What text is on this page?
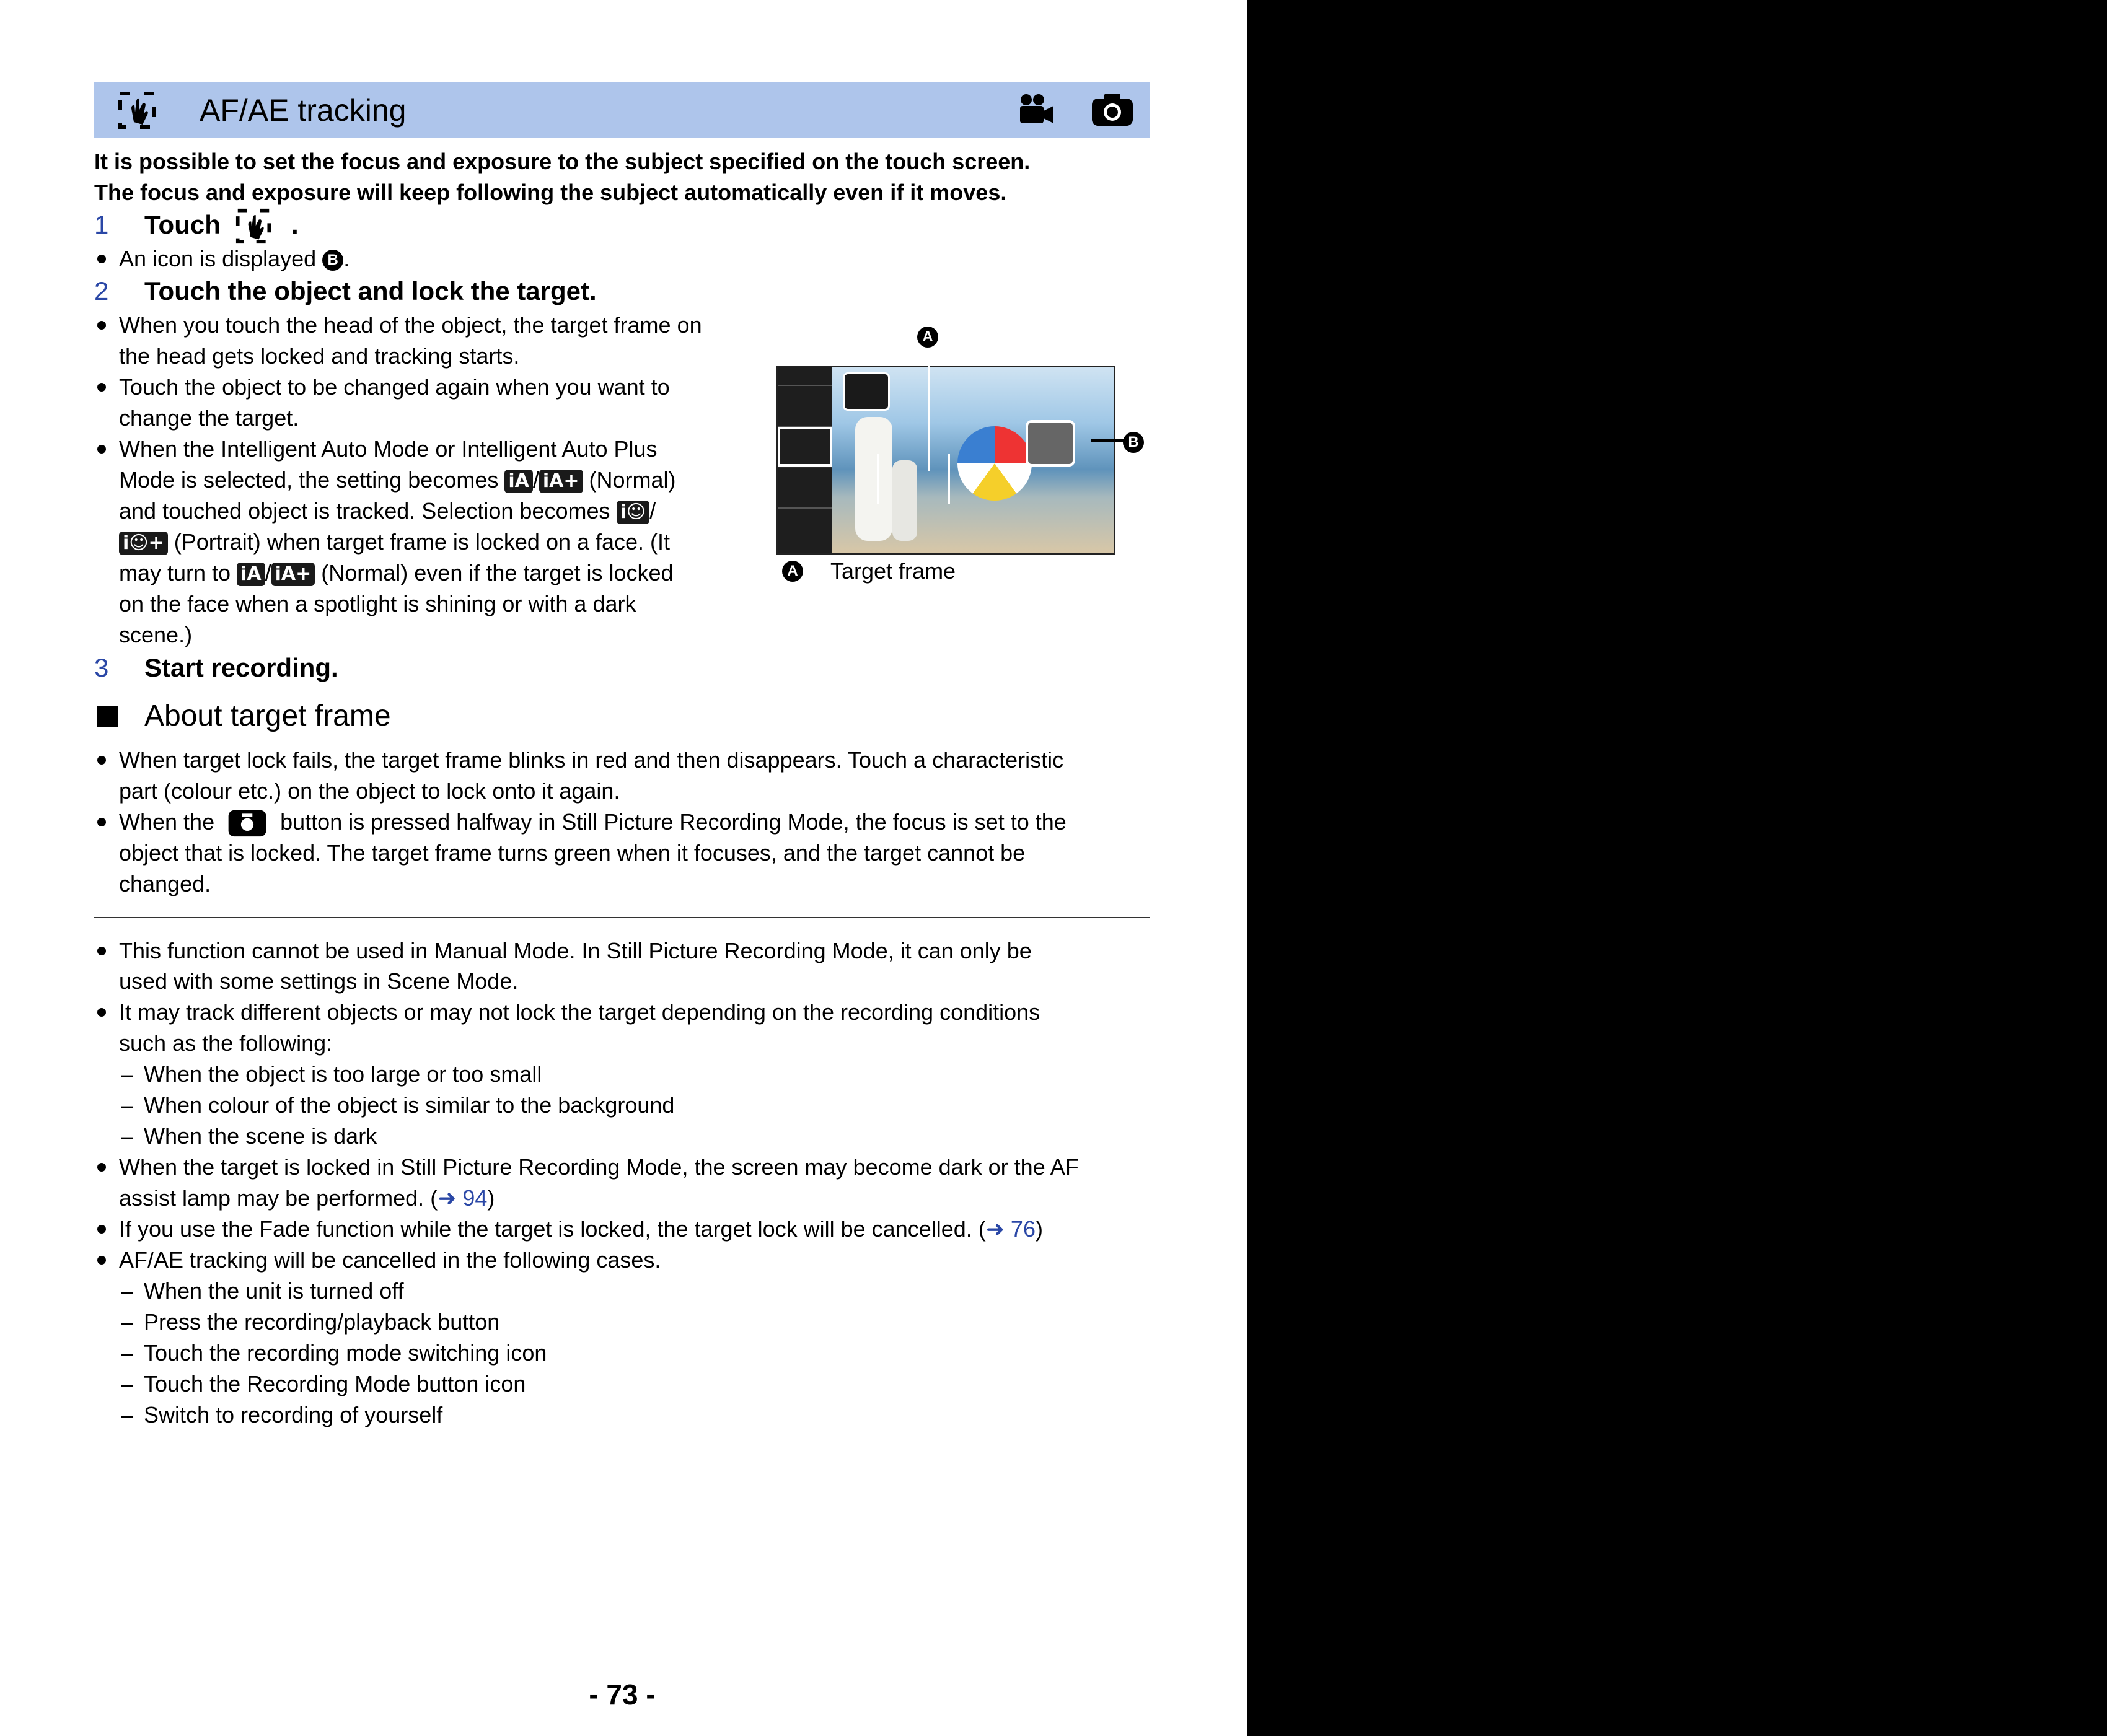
AF/AE tracking
It is possible to set the focus and exposure to the subject specified on the touch screen.
The focus and exposure will keep following the subject automatically even if it moves.
1 Touch	.
An icon is displayed B .
2 Touch the object and lock the target.
When you touch the head of the object, the target frame on
the head gets locked and tracking starts.
Touch the object to be changed again when you want to
change the target.
When the Intelligent Auto Mode or Intelligent Auto Plus
Mode is selected, the setting becomes iA / iA+ (Normal)
and touched object is tracked. Selection becomes i☺ /
i☺+ (Portrait) when target frame is locked on a face. (It
may turn to iA / iA+ (Normal) even if the target is locked
on the face when a spotlight is shining or with a dark
scene.)
A
B
A Target frame
3 Start recording.
About target frame
When target lock fails, the target frame blinks in red and then disappears. Touch a characteristic
part (colour etc.) on the object to lock onto it again.
When the	button is pressed halfway in Still Picture Recording Mode, the focus is set to the
object that is locked. The target frame turns green when it focuses, and the target cannot be
changed.
This function cannot be used in Manual Mode. In Still Picture Recording Mode, it can only be
used with some settings in Scene Mode.
It may track different objects or may not lock the target depending on the recording conditions
such as the following:
– When the object is too large or too small
– When colour of the object is similar to the background
– When the scene is dark
When the target is locked in Still Picture Recording Mode, the screen may become dark or the AF
assist lamp may be performed. (➜ 94)
If you use the Fade function while the target is locked, the target lock will be cancelled. (➜ 76)
AF/AE tracking will be cancelled in the following cases.
– When the unit is turned off
– Press the recording/playback button
– Touch the recording mode switching icon
– Touch the Recording Mode button icon
– Switch to recording of yourself
- 73 -
